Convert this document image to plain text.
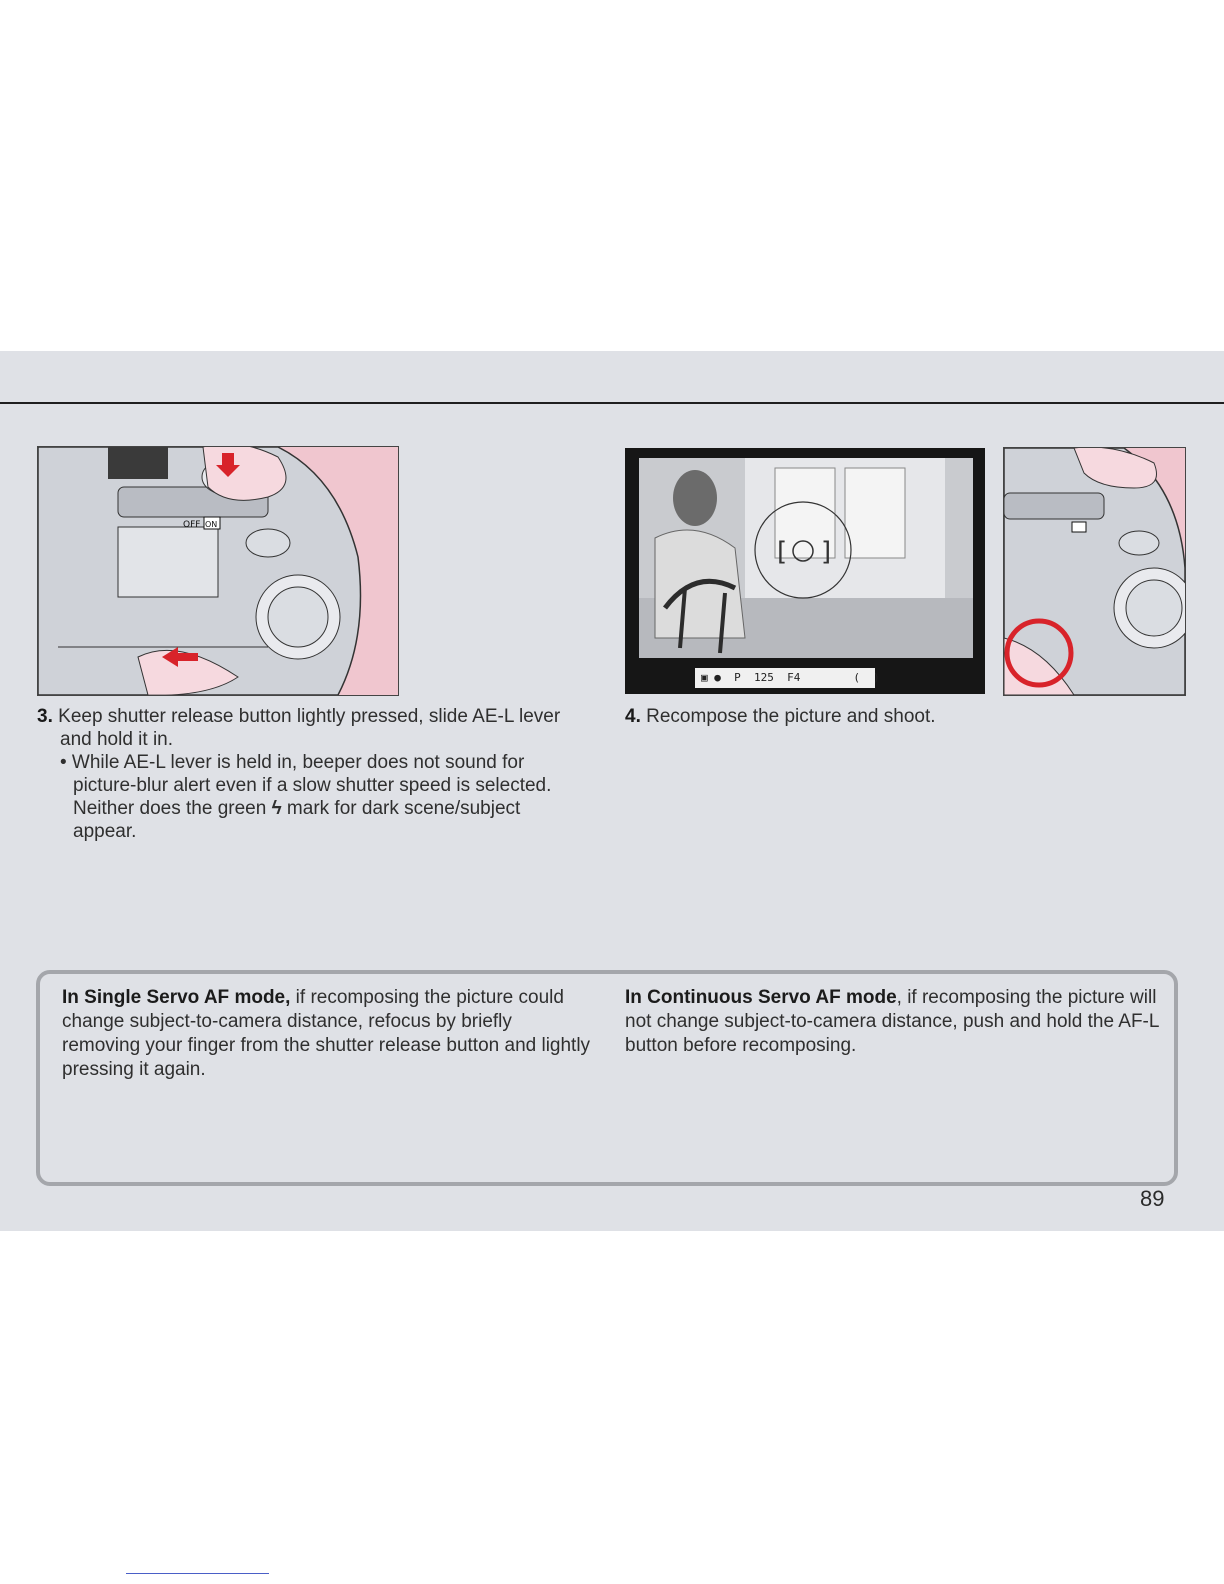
OFF ON
[ ]
▣ ●  P  125  F4        (  )
3. Keep shutter release button lightly pressed, slide AE-L lever
and hold it in.
• While AE-L lever is held in, beeper does not sound for
picture-blur alert even if a slow shutter speed is selected.
Neither does the green ϟ mark for dark scene/subject
appear.
4. Recompose the picture and shoot.
In Single Servo AF mode, if recomposing the picture could change subject-to-camera distance, refocus by briefly removing your finger from the shutter release button and lightly pressing it again.
In Continuous Servo AF mode, if recomposing the picture will not change subject-to-camera distance, push and hold the AF-L button before recomposing.
89
